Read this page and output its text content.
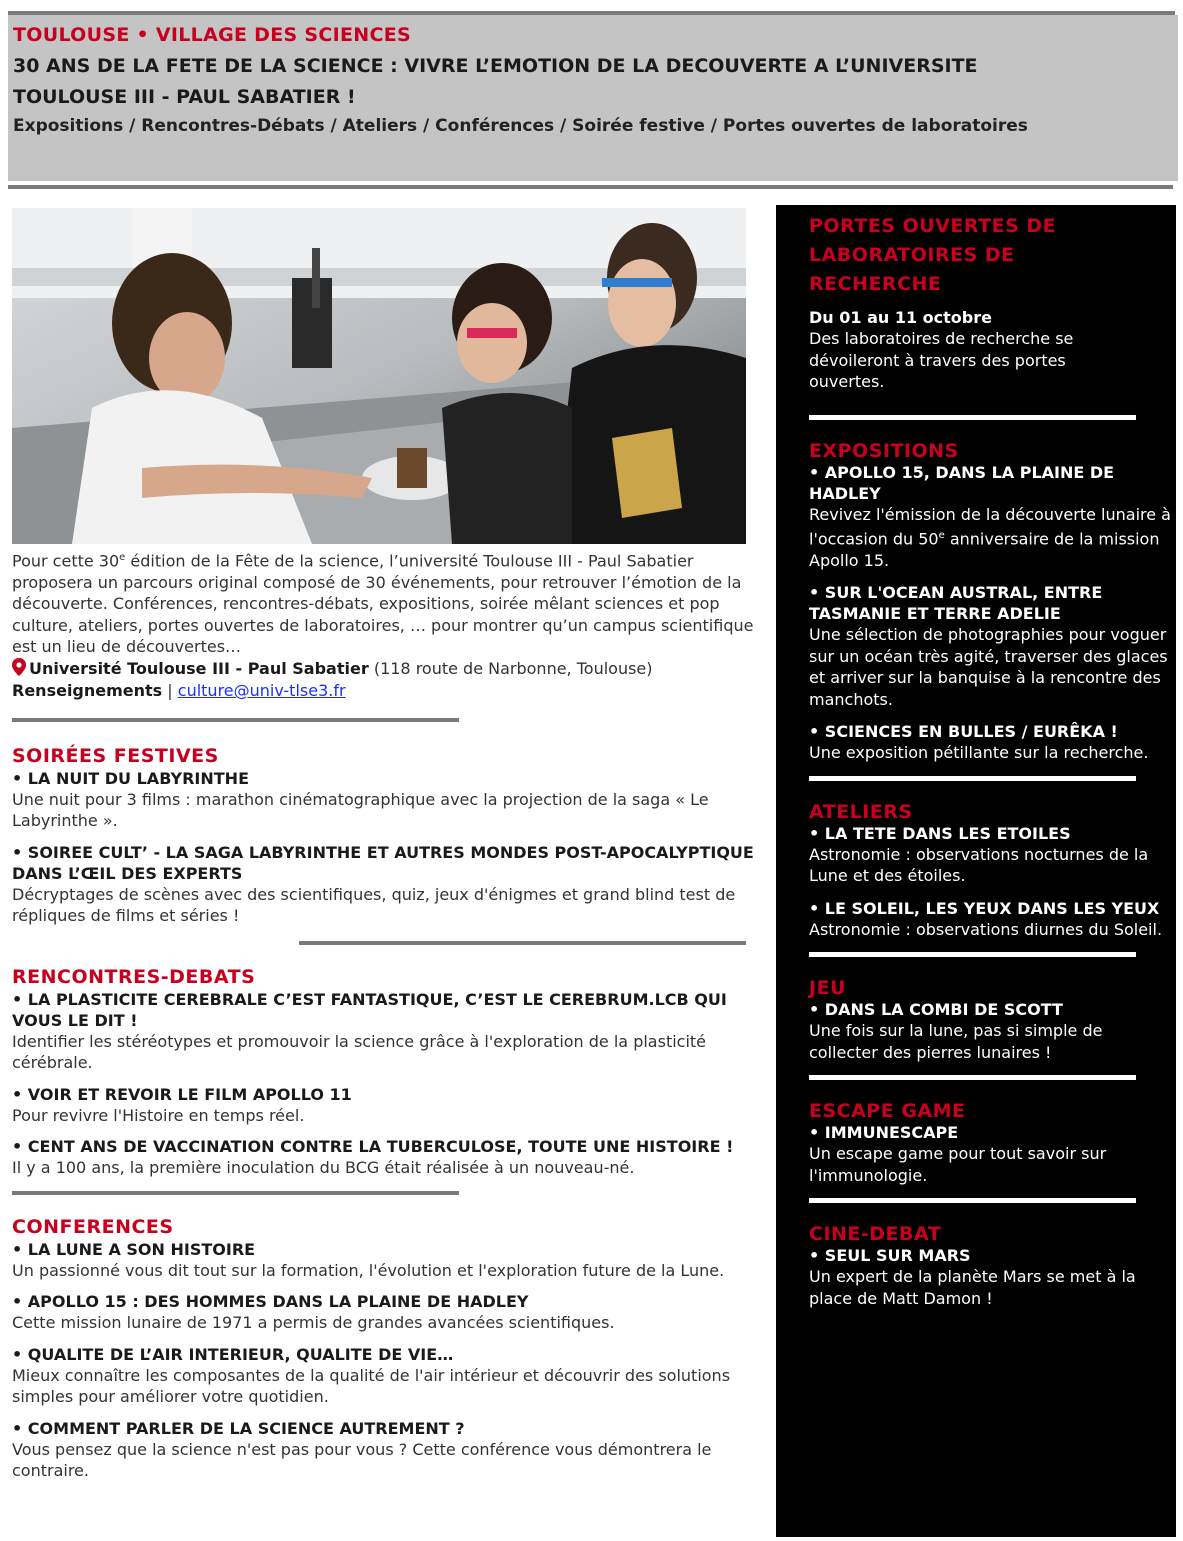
TOULOUSE • VILLAGE DES SCIENCES
30 ANS DE LA FETE DE LA SCIENCE : VIVRE L’EMOTION DE LA DECOUVERTE A L’UNIVERSITE
TOULOUSE III - PAUL SABATIER !
Expositions / Rencontres-Débats / Ateliers / Conférences / Soirée festive / Portes ouvertes de laboratoires

Pour cette 30e édition de la Fête de la science, l’université Toulouse III - Paul Sabatier proposera un parcours original composé de 30 événements, pour retrouver l’émotion de la découverte. Conférences, rencontres-débats, expositions, soirée mêlant sciences et pop culture, ateliers, portes ouvertes de laboratoires, … pour montrer qu’un campus scientifique est un lieu de découvertes…

Université Toulouse III - Paul Sabatier (118 route de Narbonne, Toulouse)
Renseignements | culture@univ-tlse3.fr
SOIRÉES FESTIVES
• LA NUIT DU LABYRINTHE
Une nuit pour 3 films : marathon cinématographique avec la projection de la saga « Le Labyrinthe ».
• SOIREE CULT’ - LA SAGA LABYRINTHE ET AUTRES MONDES POST-APOCALYPTIQUE DANS L’ŒIL DES EXPERTS
Décryptages de scènes avec des scientifiques, quiz, jeux d'énigmes et grand blind test de répliques de films et séries !
RENCONTRES-DEBATS
• LA PLASTICITE CEREBRALE C’EST FANTASTIQUE, C’EST LE CEREBRUM.LCB QUI VOUS LE DIT !
Identifier les stéréotypes et promouvoir la science grâce à l'exploration de la plasticité cérébrale.
• VOIR ET REVOIR LE FILM APOLLO 11
Pour revivre l'Histoire en temps réel.
• CENT ANS DE VACCINATION CONTRE LA TUBERCULOSE, TOUTE UNE HISTOIRE !
Il y a 100 ans, la première inoculation du BCG était réalisée à un nouveau-né.
CONFERENCES
• LA LUNE A SON HISTOIRE
Un passionné vous dit tout sur la formation, l'évolution et l'exploration future de la Lune.
• APOLLO 15 : DES HOMMES DANS LA PLAINE DE HADLEY
Cette mission lunaire de 1971 a permis de grandes avancées scientifiques.
• QUALITE DE L’AIR INTERIEUR, QUALITE DE VIE…
Mieux connaître les composantes de la qualité de l'air intérieur et découvrir des solutions simples pour améliorer votre quotidien.
• COMMENT PARLER DE LA SCIENCE AUTREMENT ?
Vous pensez que la science n'est pas pour vous ? Cette conférence vous démontrera le contraire.
PORTES OUVERTES DE LABORATOIRES DE RECHERCHE
Du 01 au 11 octobre
Des laboratoires de recherche se dévoileront à travers des portes ouvertes.
EXPOSITIONS
• APOLLO 15, DANS LA PLAINE DE HADLEY
Revivez l'émission de la découverte lunaire à l'occasion du 50e anniversaire de la mission Apollo 15.
• SUR L'OCEAN AUSTRAL, ENTRE TASMANIE ET TERRE ADELIE
Une sélection de photographies pour voguer sur un océan très agité, traverser des glaces et arriver sur la banquise à la rencontre des manchots.
• SCIENCES EN BULLES / EURÊKA !
Une exposition pétillante sur la recherche.
ATELIERS
• LA TETE DANS LES ETOILES
Astronomie : observations nocturnes de la Lune et des étoiles.
• LE SOLEIL, LES YEUX DANS LES YEUX
Astronomie : observations diurnes du Soleil.
JEU
• DANS LA COMBI DE SCOTT
Une fois sur la lune, pas si simple de collecter des pierres lunaires !
ESCAPE GAME
• IMMUNESCAPE
Un escape game pour tout savoir sur l'immunologie.
CINE-DEBAT
• SEUL SUR MARS
Un expert de la planète Mars se met à la place de Matt Damon !
